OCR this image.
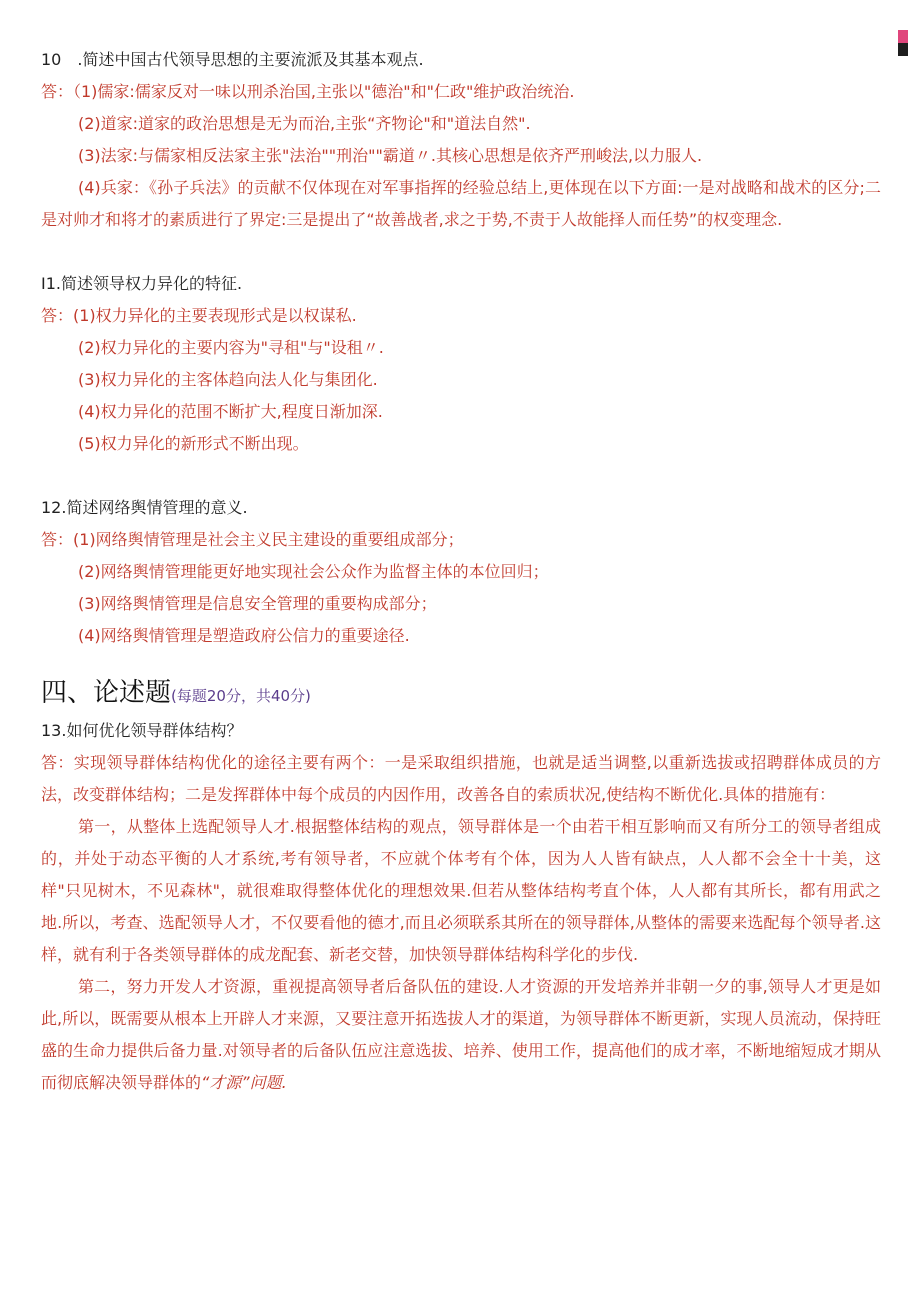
10　.简述中国古代领导思想的主要流派及其基本观点.
答：（1)儒家:儒家反对一味以刑杀治国,主张以"德治"和"仁政"维护政治统治.
(2)道家:道家的政治思想是无为而治,主张“齐物论"和"道法自然".
(3)法家:与儒家相反法家主张"法治""刑治""霸道〃.其核心思想是依齐严刑峻法,以力服人.
(4)兵家：《孙子兵法》的贡献不仅体现在对军事指挥的经验总结上,更体现在以下方面:一是对战略和战术的区分;二是对帅才和将才的素质进行了界定:三是提出了“故善战者,求之于势,不责于人故能择人而任势”的权变理念.
I1.简述领导权力异化的特征.
答：(1)权力异化的主要表现形式是以权谋私.
(2)权力异化的主要内容为"寻租"与"设租〃.
(3)权力异化的主客体趋向法人化与集团化.
(4)权力异化的范围不断扩大,程度日渐加深.
(5)权力异化的新形式不断出现。
12.简述网络舆情管理的意义.
答：(1)网络舆情管理是社会主义民主建设的重要组成部分；
(2)网络舆情管理能更好地实现社会公众作为监督主体的本位回归；
(3)网络舆情管理是信息安全管理的重要构成部分；
(4)网络舆情管理是塑造政府公信力的重要途径.
四、论述题(每题20分，共40分)
13.如何优化领导群体结构？
答：实现领导群体结构优化的途径主要有两个：一是采取组织措施，也就是适当调整,以重新选拔或招聘群体成员的方法，改变群体结构；二是发挥群体中每个成员的内因作用，改善各自的索质状况,使结构不断优化.具体的措施有：
第一，从整体上选配领导人才.根据整体结构的观点，领导群体是一个由若干相互影响而又有所分工的领导者组成的，并处于动态平衡的人才系统,考有领导者，不应就个体考有个体，因为人人皆有缺点，人人都不会全十十美，这样"只见树木，不见森林"，就很难取得整体优化的理想效果.但若从整体结构考直个体，人人都有其所长，都有用武之地.所以，考查、选配领导人才，不仅要看他的德才,而且必须联系其所在的领导群体,从整体的需要来选配每个领导者.这样，就有利于各类领导群体的成龙配套、新老交替，加快领导群体结构科学化的步伐.
第二，努力开发人才资源，重视提高领导者后备队伍的建设.人才资源的开发培养并非朝一夕的事,领导人才更是如此,所以，既需要从根本上开辟人才来源，又要注意开拓选拔人才的渠道，为领导群体不断更新，实现人员流动，保持旺盛的生命力提供后备力量.对领导者的后备队伍应注意选拔、培养、使用工作，提高他们的成才率，不断地缩短成才期从而彻底解决领导群体的“才源”问题.
